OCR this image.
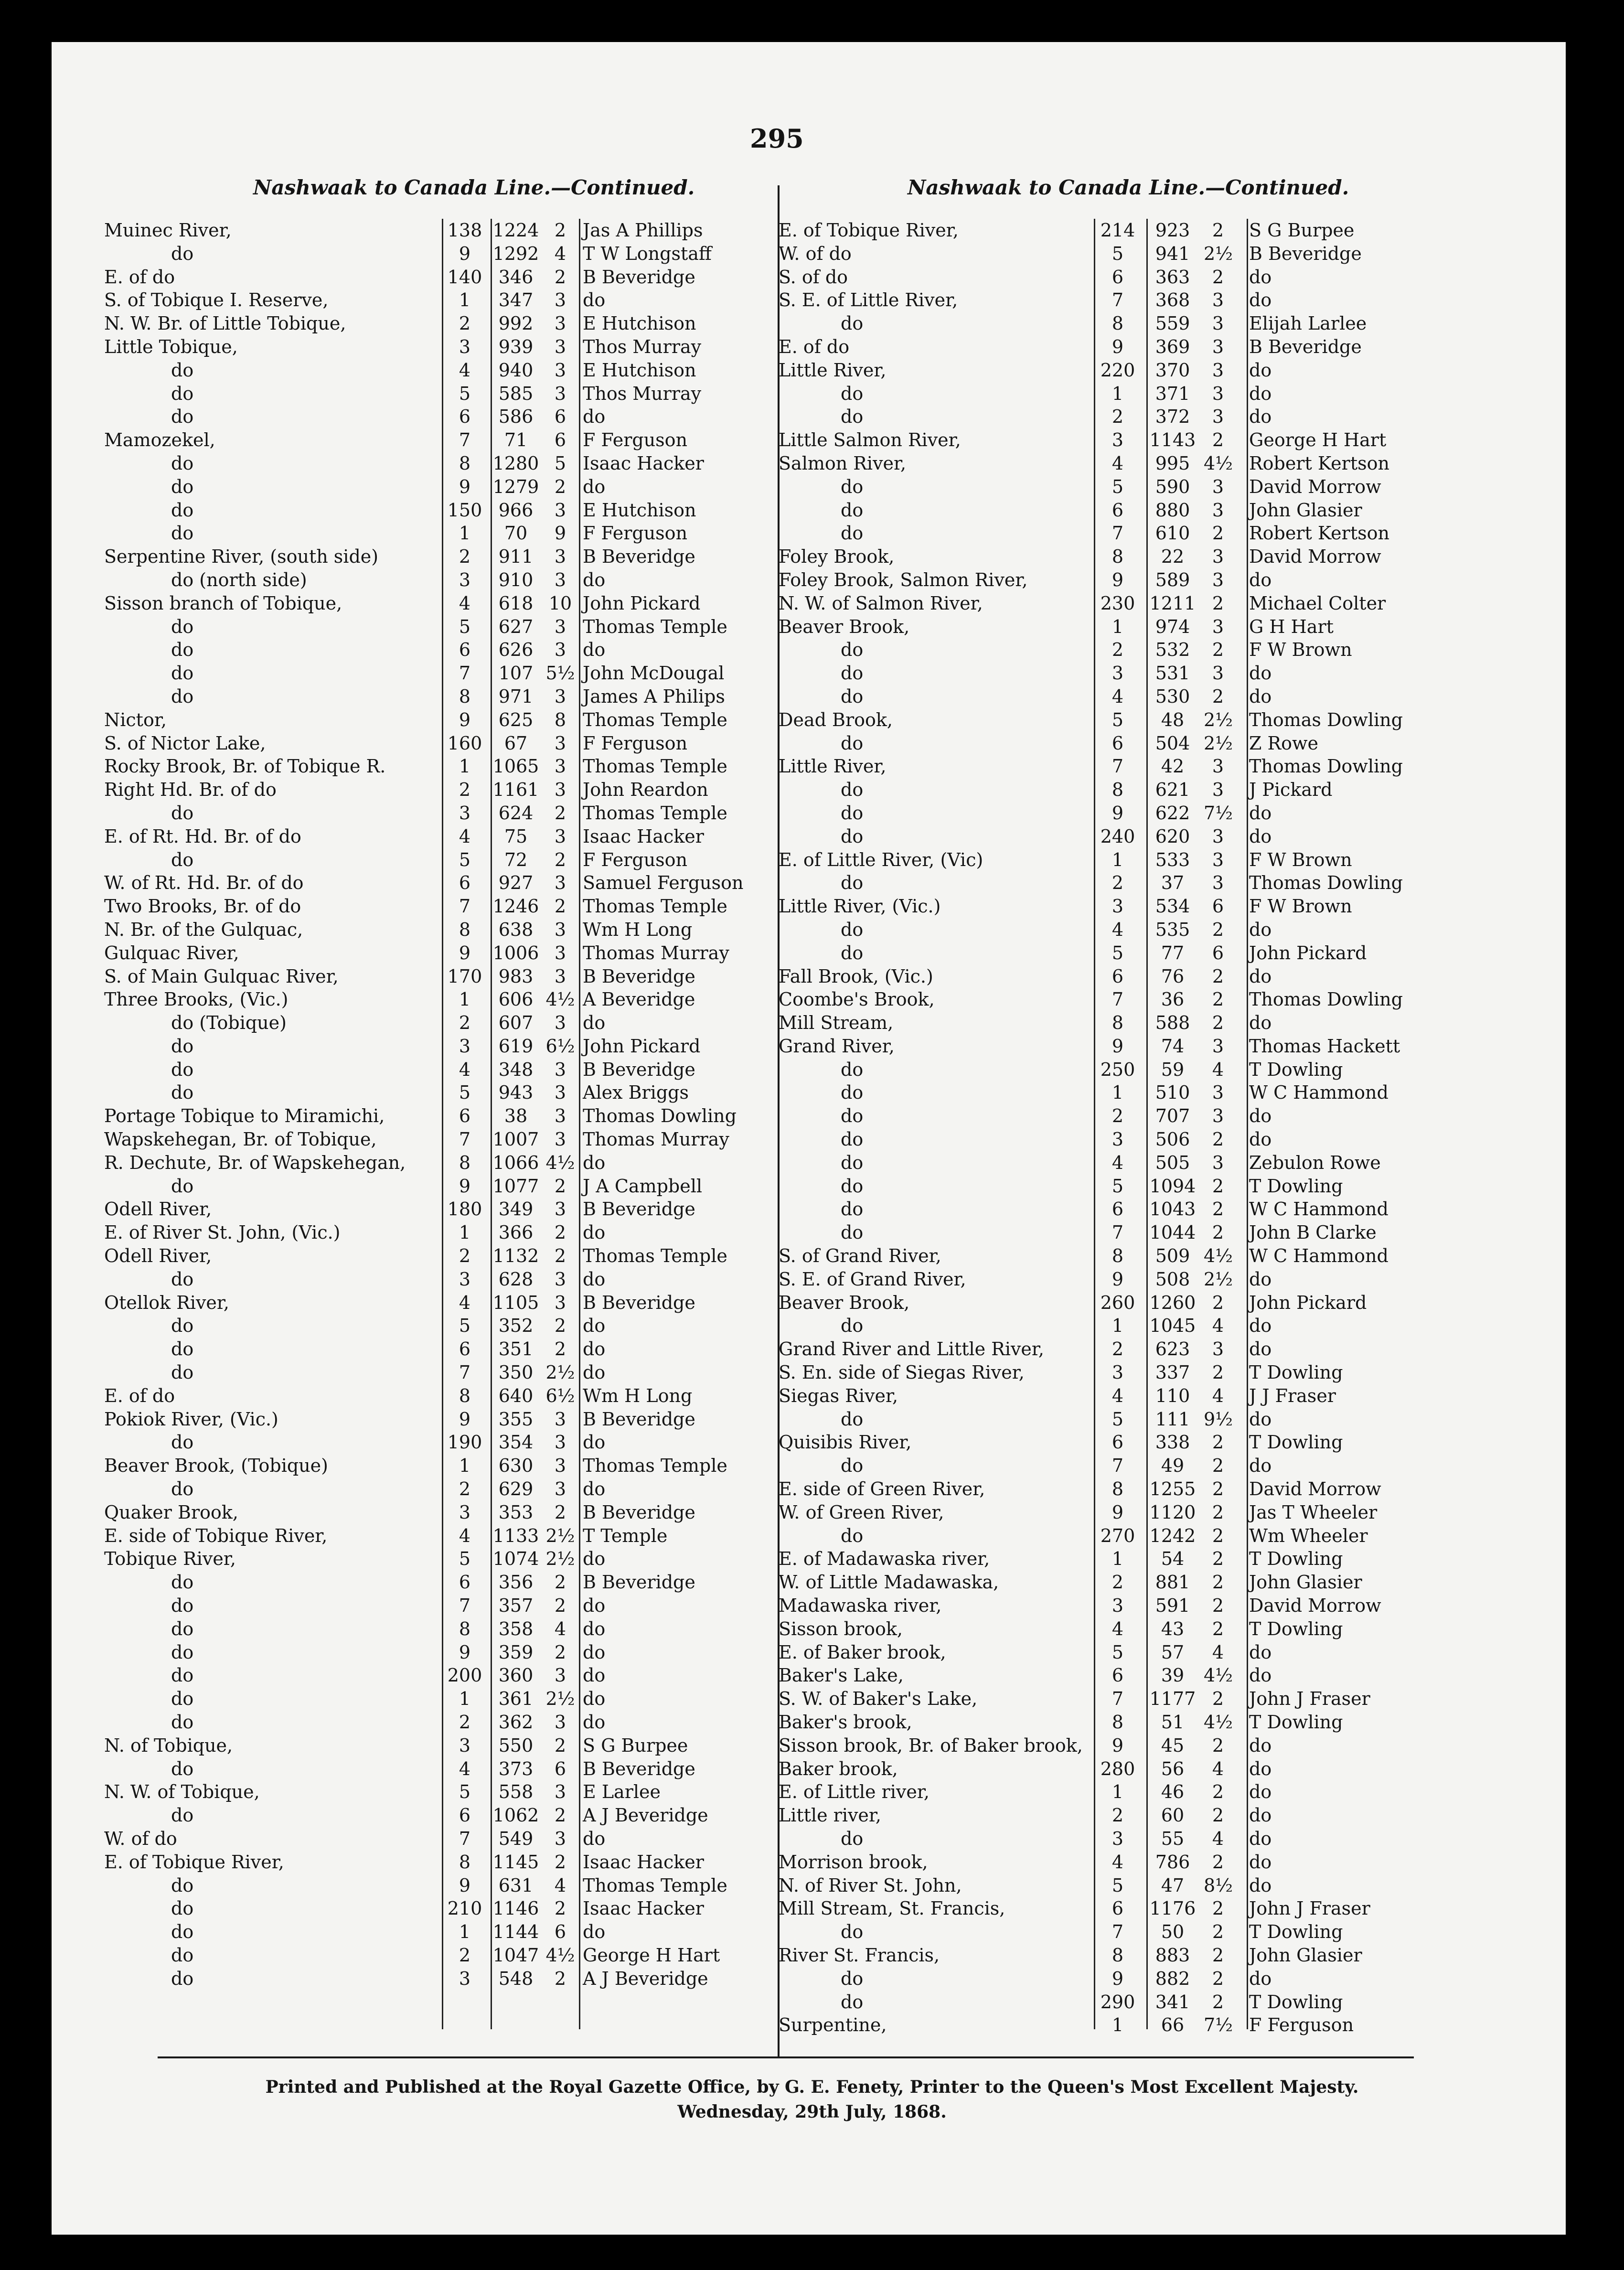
295
Nashwaak to Canada Line.—Continued.	Nashwaak to Canada Line.—Continued.
Muinec River,	138 1224 2 Jas A Phillips
do	9	1292 4 T W Longstaff
E. of do	140 346	2 B Beveridge
S. of Tobique I. Reserve,	1	347	3 do
N. W. Br. of Little Tobique,	2	992	3 E Hutchison
Little Tobique,	3	939	3 Thos Murray
do	4	940	3 E Hutchison
do	5	585	3 Thos Murray
do	6	586	6 do
Mamozekel,	7	71	6 F Ferguson
do	8	1280 5 Isaac Hacker
do	9	1279 2 do
do	150 966	3 E Hutchison
do	1	70	9 F Ferguson
Serpentine River, (south side)	2	911	3 B Beveridge
do (north side)	3	910	3 do
Sisson branch of Tobique,	4	618 10 John Pickard
do	5	627	3 Thomas Temple
do	6	626	3 do
do	7	107 5½ John McDougal
do	8	971	3 James A Philips
Nictor,	9	625	8 Thomas Temple
S. of Nictor Lake,	160	67	3 F Ferguson
Rocky Brook, Br. of Tobique R.	1	1065 3 Thomas Temple
Right Hd. Br. of do	2	1161 3 John Reardon
do	3	624	2 Thomas Temple
E. of Rt. Hd. Br. of do	4	75	3 Isaac Hacker
do	5	72	2 F Ferguson
W. of Rt. Hd. Br. of do	6	927	3 Samuel Ferguson
Two Brooks, Br. of do	7	1246 2 Thomas Temple
N. Br. of the Gulquac,	8	638	3 Wm H Long
Gulquac River,	9	1006 3 Thomas Murray
S. of Main Gulquac River,	170 983	3 B Beveridge
Three Brooks, (Vic.)	1	606 4½ A Beveridge
do (Tobique)	2	607	3 do
do	3	619 6½ John Pickard
do	4	348	3 B Beveridge
do	5	943	3 Alex Briggs
Portage Tobique to Miramichi,	6	38	3 Thomas Dowling
Wapskehegan, Br. of Tobique,	7	1007 3 Thomas Murray
R. Dechute, Br. of Wapskehegan,	8	1066 4½ do
do	9	1077 2 J A Campbell
Odell River,	180 349	3 B Beveridge
E. of River St. John, (Vic.)	1	366	2 do
Odell River,	2	1132 2 Thomas Temple
do	3	628	3 do
Otellok River,	4	1105 3 B Beveridge
do	5	352	2 do
do	6	351	2 do
do	7	350 2½ do
E. of do	8	640 6½ Wm H Long
Pokiok River, (Vic.)	9	355	3 B Beveridge
do	190 354	3 do
Beaver Brook, (Tobique)	1	630	3 Thomas Temple
do	2	629	3 do
Quaker Brook,	3	353	2 B Beveridge
E. side of Tobique River,	4	1133 2½ T Temple
Tobique River,	5	1074 2½ do
do	6	356	2 B Beveridge
do	7	357	2 do
do	8	358	4 do
do	9	359	2 do
do	200 360	3 do
do	1	361 2½ do
do	2	362	3 do
N. of Tobique,	3	550	2 S G Burpee
do	4	373	6 B Beveridge
N. W. of Tobique,	5	558	3 E Larlee
do	6	1062 2 A J Beveridge
W. of do	7	549	3 do
E. of Tobique River,	8	1145 2 Isaac Hacker
do	9	631	4 Thomas Temple
do	210 1146 2 Isaac Hacker
do	1	1144 6 do
do	2	1047 4½ George H Hart
do	3	548	2 A J Beveridge
E. of Tobique River,	214	923	2	S G Burpee
W. of do	5	941 2½ B Beveridge
S. of do	6	363	2	do
S. E. of Little River,	7	368	3	do
do	8	559	3	Elijah Larlee
E. of do	9	369	3	B Beveridge
Little River,	220	370	3	do
do	1	371	3	do
do	2	372	3	do
Little Salmon River,	3	1143 2	George H Hart
Salmon River,	4	995 4½ Robert Kertson
do	5	590	3	David Morrow
do	6	880	3	John Glasier
do	7	610	2	Robert Kertson
Foley Brook,	8	22	3	David Morrow
Foley Brook, Salmon River,	9	589	3	do
N. W. of Salmon River,	230 1211 2	Michael Colter
Beaver Brook,	1	974	3	G H Hart
do	2	532	2	F W Brown
do	3	531	3	do
do	4	530	2	do
Dead Brook,	5	48	2½ Thomas Dowling
do	6	504 2½ Z Rowe
Little River,	7	42	3	Thomas Dowling
do	8	621	3	J Pickard
do	9	622 7½ do
do	240	620	3	do
E. of Little River, (Vic)	1	533	3	F W Brown
do	2	37	3	Thomas Dowling
Little River, (Vic.)	3	534	6	F W Brown
do	4	535	2	do
do	5	77	6	John Pickard
Fall Brook, (Vic.)	6	76	2	do
Coombe's Brook,	7	36	2	Thomas Dowling
Mill Stream,	8	588	2	do
Grand River,	9	74	3	Thomas Hackett
do	250	59	4	T Dowling
do	1	510	3	W C Hammond
do	2	707	3	do
do	3	506	2	do
do	4	505	3	Zebulon Rowe
do	5	1094 2	T Dowling
do	6	1043 2	W C Hammond
do	7	1044 2	John B Clarke
S. of Grand River,	8	509 4½ W C Hammond
S. E. of Grand River,	9	508 2½ do
Beaver Brook,	260 1260 2	John Pickard
do	1	1045 4	do
Grand River and Little River,	2	623	3	do
S. En. side of Siegas River,	3	337	2	T Dowling
Siegas River,	4	110	4	J J Fraser
do	5	111 9½ do
Quisibis River,	6	338	2	T Dowling
do	7	49	2	do
E. side of Green River,	8	1255 2	David Morrow
W. of Green River,	9	1120 2	Jas T Wheeler
do	270 1242 2	Wm Wheeler
E. of Madawaska river,	1	54	2	T Dowling
W. of Little Madawaska,	2	881	2	John Glasier
Madawaska river,	3	591	2	David Morrow
Sisson brook,	4	43	2	T Dowling
E. of Baker brook,	5	57	4	do
Baker's Lake,	6	39	4½ do
S. W. of Baker's Lake,	7	1177 2	John J Fraser
Baker's brook,	8	51	4½ T Dowling
Sisson brook, Br. of Baker brook,	9	45	2	do
Baker brook,	280	56	4	do
E. of Little river,	1	46	2	do
Little river,	2	60	2	do
do	3	55	4	do
Morrison brook,	4	786	2	do
N. of River St. John,	5	47	8½ do
Mill Stream, St. Francis,	6	1176 2	John J Fraser
do	7	50	2	T Dowling
River St. Francis,	8	883	2	John Glasier
do	9	882	2	do
do	290	341	2	T Dowling
Surpentine,	1	66	7½ F Ferguson
Printed and Published at the Royal Gazette Office, by G. E. Fenety, Printer to the Queen's Most Excellent Majesty.
Wednesday, 29th July, 1868.
